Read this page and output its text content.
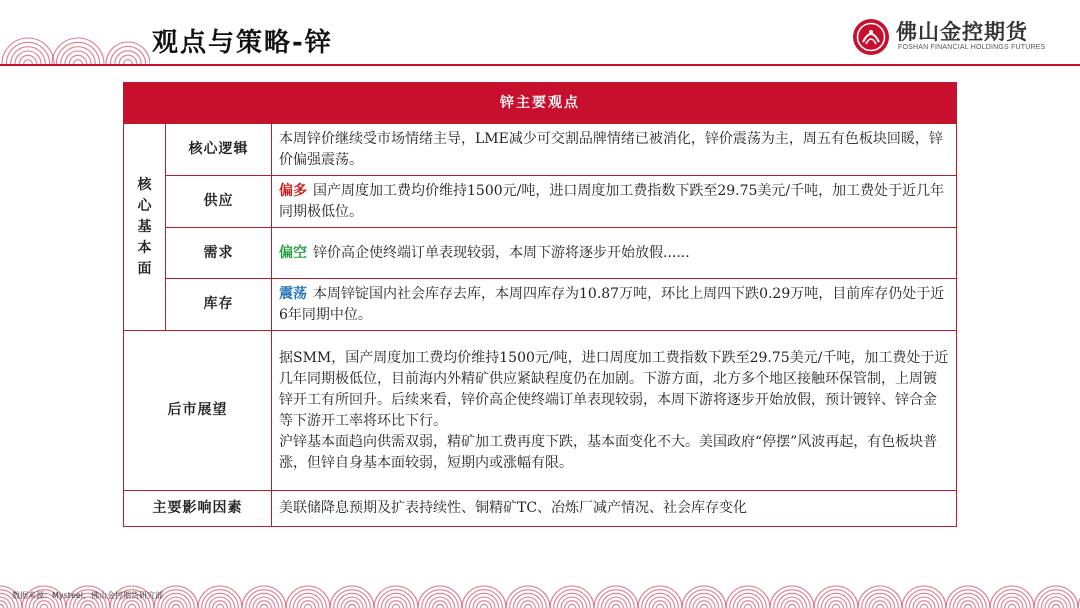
观点与策略-锌	佛山金控期货
FOSHAN FINANCIAL HOLDINGS FUTURES
锌主要观点		
核
心
基
本
面	核心逻辑	本周锌价继续受市场情绪主导，LME减少可交割品牌情绪已被消化，锌价震荡为主，周五有色板块回暖，锌价偏强震荡。
	供应	偏多 国产周度加工费均价维持1500元/吨，进口周度加工费指数下跌至29.75美元/千吨，加工费处于近几年同期极低位。
	需求	偏空 锌价高企使终端订单表现较弱，本周下游将逐步开始放假......
	库存	震荡 本周锌锭国内社会库存去库，本周四库存为10.87万吨，环比上周四下跌0.29万吨，目前库存仍处于近6年同期中位。
后市展望		据SMM，国产周度加工费均价维持1500元/吨，进口周度加工费指数下跌至29.75美元/千吨，加工费处于近几年同期极低位，目前海内外精矿供应紧缺程度仍在加剧。下游方面，北方多个地区接触环保管制，上周镀锌开工有所回升。后续来看，锌价高企使终端订单表现较弱，本周下游将逐步开始放假，预计镀锌、锌合金等下游开工率将环比下行。
沪锌基本面趋向供需双弱，精矿加工费再度下跌，基本面变化不大。美国政府“停摆”风波再起，有色板块普涨，但锌自身基本面较弱，短期内或涨幅有限。

主要影响因素		美联储降息预期及扩表持续性、铜精矿TC、冶炼厂减产情况、社会库存变化
数据来源：Mysteel、佛山金控期货研究部
